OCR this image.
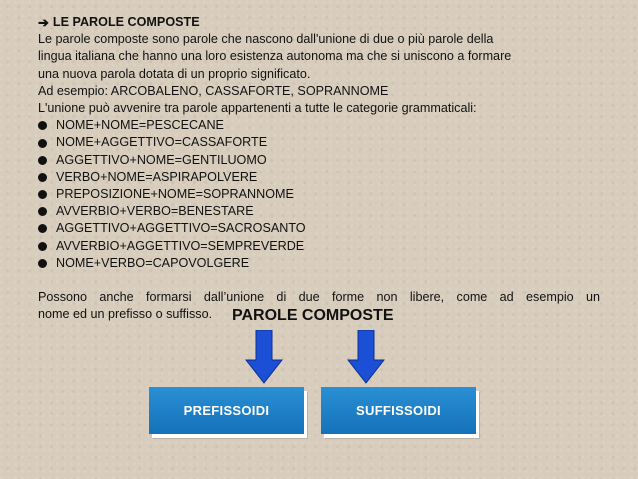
➔ LE PAROLE COMPOSTE
Le parole composte sono parole che nascono dall'unione di due o più parole della
lingua italiana che hanno una loro esistenza autonoma ma che si uniscono a formare
una nuova parola dotata di un proprio significato.
Ad esempio: ARCOBALENO, CASSAFORTE, SOPRANNOME
L'unione può avvenire tra parole appartenenti a tutte le categorie grammaticali:
NOME+NOME=PESCECANE
NOME+AGGETTIVO=CASSAFORTE
AGGETTIVO+NOME=GENTILUOMO
VERBO+NOME=ASPIRAPOLVERE
PREPOSIZIONE+NOME=SOPRANNOME
AVVERBIO+VERBO=BENESTARE
AGGETTIVO+AGGETTIVO=SACROSANTO
AVVERBIO+AGGETTIVO=SEMPREVERDE
NOME+VERBO=CAPOVOLGERE
Possono anche formarsi dall’unione di due forme non libere, come ad esempio un
nome ed un prefisso o suffisso.	PAROLE COMPOSTE
PREFISSOIDI	SUFFISSOIDI
